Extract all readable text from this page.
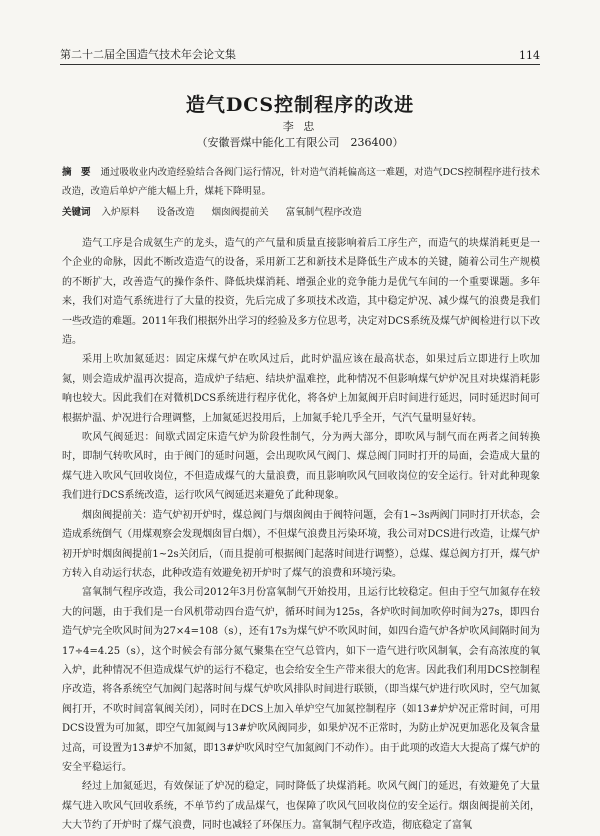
第二十二届全国造气技术年会论文集	114
造气DCS控制程序的改进
李 忠
（安徽晋煤中能化工有限公司　236400）
摘　要 通过吸收业内改造经验结合各阀门运行情况，针对造气消耗偏高这一难题，对造气DCS控制程序进行技术改造，改造后单炉产能大幅上升，煤耗下降明显。
关键词 入炉原料 设备改造 烟囱阀提前关 富氧制气程序改造

造气工序是合成氨生产的龙头，造气的产气量和质量直接影响着后工序生产，而造气的块煤消耗更是一个企业的命脉，因此不断改造造气的设备，采用新工艺和新技术是降低生产成本的关键，随着公司生产规模的不断扩大，改善造气的操作条件、降低块煤消耗、增强企业的竞争能力是优气车间的一个重要课题。多年来，我们对造气系统进行了大量的投资，先后完成了多项技术改造，其中稳定炉况、减少煤气的浪费是我们一些改造的难题。2011年我们根据外出学习的经验及多方位思考，决定对DCS系统及煤气炉阀检进行以下改造。

采用上吹加氮延迟：固定床煤气炉在吹风过后，此时炉温应该在最高状态，如果过后立即进行上吹加氮，则会造成炉温再次提高，造成炉子结疤、结块炉温难控，此种情况不但影响煤气炉炉况且对块煤消耗影响也较大。因此我们在对微机DCS系统进行程序优化，将各炉上加氮阀开启时间进行延迟，同时延迟时间可根据炉温、炉况进行合理调整，上加氮延迟投用后，上加氮手轮几乎全开，气汽气量明显好转。

吹风气阀延迟：间歇式固定床造气炉为阶段性制气，分为两大部分，即吹风与制气而在两者之间转换时，即制气转吹风时，由于阀门的延时问题，会出现吹风气阀门、煤总阀门同时打开的局面，会造成大量的煤气进入吹风气回收岗位，不但造成煤气的大量浪费，而且影响吹风气回收岗位的安全运行。针对此种现象我们进行DCS系统改造，运行吹风气阀延迟来避免了此种现象。

烟囱阀提前关：造气炉初开炉时，煤总阀门与烟囱阀由于阀特问题，会有1~3s两阀门同时打开状态，会造成系统倒气（用煤观察会发现烟囱冒白烟），不但煤气浪费且污染环境，我公司对DCS进行改造，让煤气炉初开炉时烟囱阀提前1~2s关闭后，（而且提前可根据阀门起落时间进行调整），总煤、煤总阀方打开，煤气炉方转入自动运行状态，此种改造有效避免初开炉时了煤气的浪费和环境污染。

富氧制气程序改造，我公司2012年3月份富氧制气开始投用，且运行比较稳定。但由于空气加氮存在较大的问题，由于我们是一台风机带动四台造气炉，循环时间为125s，各炉吹时间加吹停时间为27s，即四台造气炉完全吹风时间为27×4=108（s），还有17s为煤气炉不吹风时间，如四台造气炉各炉吹风间隔时间为17÷4=4.25（s），这个时候会有部分氮气聚集在空气总管内，如下一造气进行吹风制氧，会有高浓度的氧入炉，此种情况不但造成煤气炉的运行不稳定，也会给安全生产带来很大的危害。因此我们利用DCS控制程序改造，将各系统空气加阀门起落时间与煤气炉吹风排队时间进行联锁，（即当煤气炉进行吹风时，空气加氮阀打开，不吹时间富氧阀关闭），同时在DCS上加入单炉空气加氮控制程序（如13#炉炉况正常时间，可用DCS设置为可加氮，即空气加氮阀与13#炉吹风阀同步，如果炉况不正常时，为防止炉况更加恶化及氧含量过高，可设置为13#炉不加氮，即13#炉吹风时空气加氮阀门不动作）。由于此项的改造大大提高了煤气炉的安全平稳运行。

经过上加氮延迟，有效保证了炉况的稳定，同时降低了块煤消耗。吹风气阀门的延迟，有效避免了大量煤气进入吹风气回收系统，不单节约了成品煤气，也保障了吹风气回收岗位的安全运行。烟囱阀提前关闭，大大节约了开炉时了煤气浪费，同时也减轻了环保压力。富氧制气程序改造，彻底稳定了富氧
